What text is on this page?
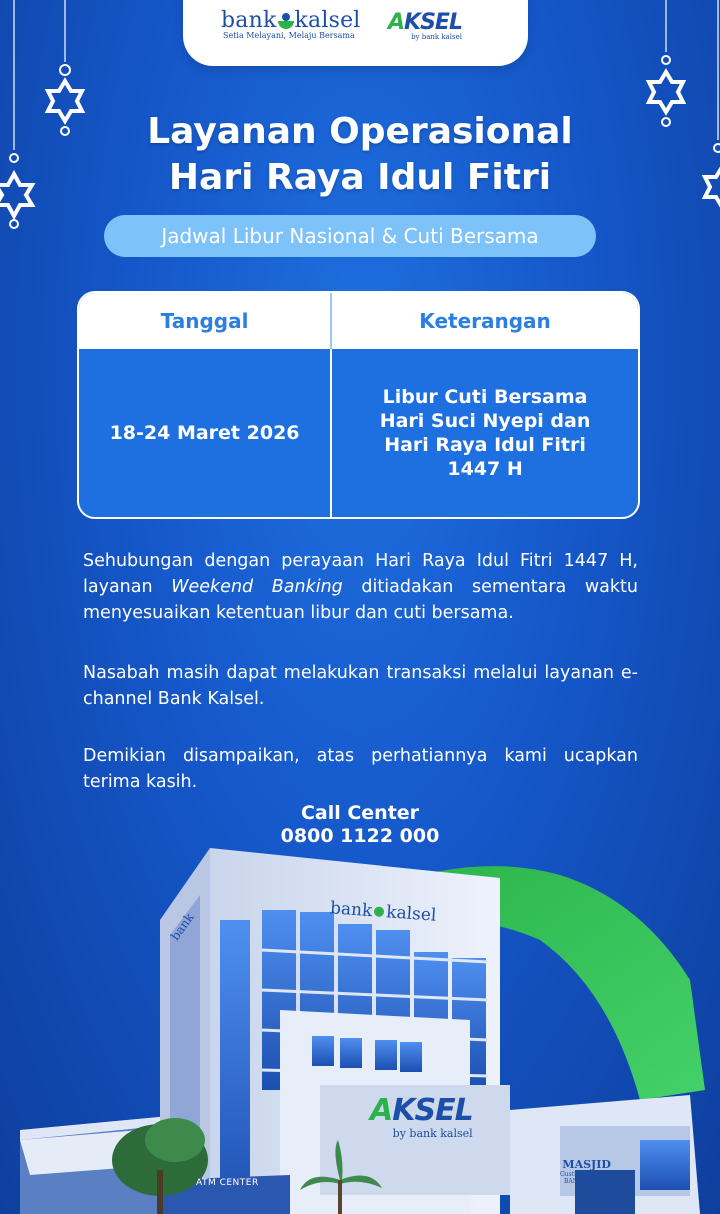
bank kalsel
Setia Melayani, Melaju Bersama
AKSEL
by bank kalsel
Layanan Operasional
Hari Raya Idul Fitri
Jadwal Libur Nasional & Cuti Bersama
Tanggal	Keterangan
18-24 Maret 2026
Libur Cuti Bersama
Hari Suci Nyepi dan
Hari Raya Idul Fitri
1447 H
Sehubungan dengan perayaan Hari Raya Idul Fitri 1447 H, layanan Weekend Banking ditiadakan sementara waktu menyesuaikan ketentuan libur dan cuti bersama.
Nasabah masih dapat melakukan transaksi melalui layanan e-channel Bank Kalsel.
Demikian disampaikan, atas perhatiannya kami ucapkan terima kasih.
Call Center
0800 1122 000
bank kalsel
bank
AKSEL
by bank kalsel
ATM CENTER
MASJID
Gusti bank Kalsel
BANK KALSEL
